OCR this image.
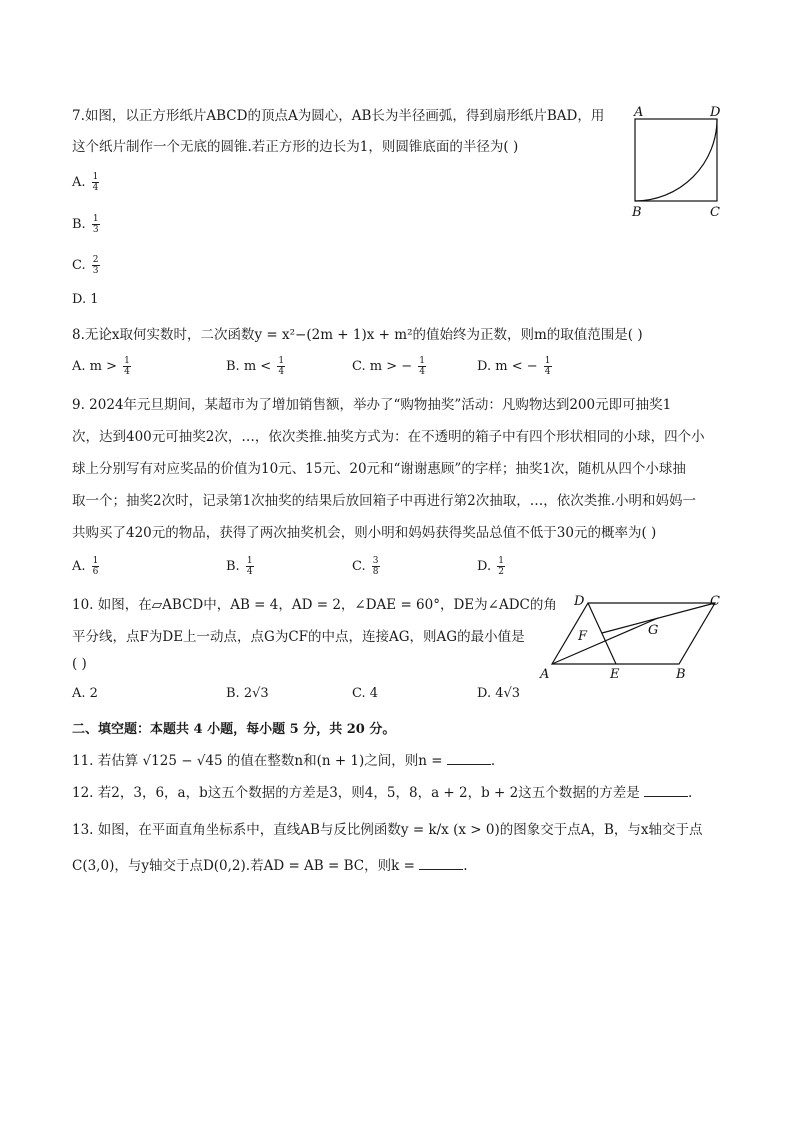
7.如图，以正方形纸片ABCD的顶点A为圆心，AB长为半径画弧，得到扇形纸片BAD，用
这个纸片制作一个无底的圆锥.若正方形的边长为1，则圆锥底面的半径为( )
A. $\frac{1}{4}$
B. $\frac{1}{3}$
C. $\frac{2}{3}$
D. 1
A	D
B	C
8.无论x取何实数时，二次函数y = x²−(2m + 1)x + m²的值始终为正数，则m的取值范围是( )
A. $m > \frac{1}{4}$	B. $m < \frac{1}{4}$	C. m > − $\frac{1}{4}$	D. m < − $\frac{1}{4}$
9. 2024年元旦期间，某超市为了增加销售额，举办了“购物抽奖”活动：凡购物达到200元即可抽奖1
次，达到400元可抽奖2次，…，依次类推.抽奖方式为：在不透明的箱子中有四个形状相同的小球，四个小
球上分别写有对应奖品的价值为10元、15元、20元和“谢谢惠顾”的字样；抽奖1次，随机从四个小球抽
取一个；抽奖2次时，记录第1次抽奖的结果后放回箱子中再进行第2次抽取，…，依次类推.小明和妈妈一
共购买了420元的物品，获得了两次抽奖机会，则小明和妈妈获得奖品总值不低于30元的概率为( )
A. $\frac{1}{6}$	B. $\frac{1}{4}$	C. $\frac{3}{8}$	D. $\frac{1}{2}$
10. 如图，在▱ABCD中，AB = 4，AD = 2，∠DAE = 60°，DE为∠ADC的角
平分线，点F为DE上一动点，点G为CF的中点，连接AG，则AG的最小值是
( )
A. 2	B. 2√3	C. 4	D. 4√3
D	C
F	G
A	E	B
二、填空题：本题共 4 小题，每小题 5 分，共 20 分。
11. 若估算 √125 − √45 的值在整数n和(n + 1)之间，则n =	.
12. 若2，3，6，a，b这五个数据的方差是3，则4，5，8，a + 2，b + 2这五个数据的方差是	.
13. 如图，在平面直角坐标系中，直线AB与反比例函数y = k/x (x > 0)的图象交于点A，B，与x轴交于点
C(3,0)，与y轴交于点D(0,2).若AD = AB = BC，则k =	.
